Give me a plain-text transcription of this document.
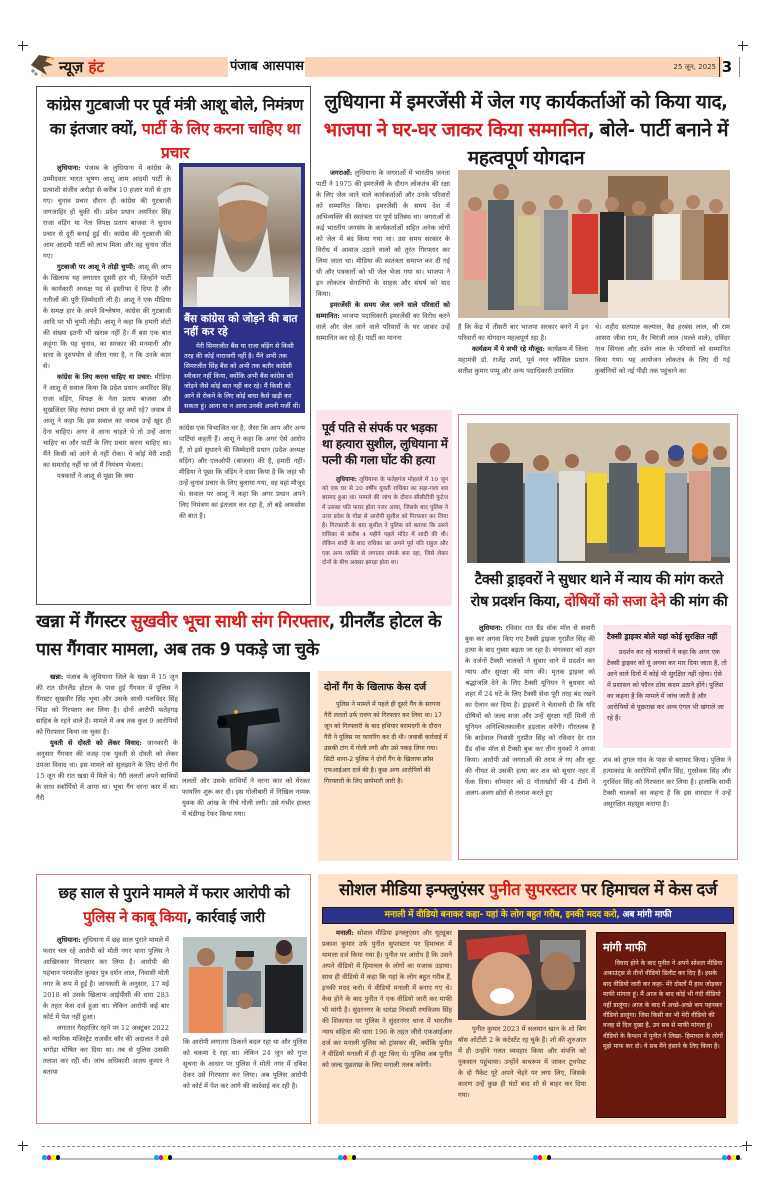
न्यूज़ हंट	पंजाब आसपास	25 जून, 2025 3
कांग्रेस गुटबाजी पर पूर्व मंत्री आशू बोले, निमंत्रण का इंतजार क्यों, पार्टी के लिए करना चाहिए था प्रचार

लुधियाना: पंजाब के लुधियाना में कांग्रेस के उम्मीदवार भारत भूषण आशू आम आदमी पार्टी के प्रत्याशी संजीव अरोड़ा से करीब 10 हजार मतों से हार गए। चुनाव प्रचार दौरान ही कांग्रेस की गुटबाजी जगजाहिर हो चुकी थी। प्रदेश प्रधान अमरिंदर सिंह राजा वड़िंग या नेता विपक्ष प्रताप बाजवा ने चुनाव प्रचार से दूरी बनाई हुई थी। कांग्रेस की गुटबाजी की आम आदमी पार्टी को लाभ मिला और वह चुनाव जीत गए।

गुटबाजी पर आशू ने तोड़ी चुप्पी: आशू की आप के खिलाफ यह लगातार दूसरी हार थी, जिन्होंने पार्टी के कार्यकारी अध्यक्ष पद से इस्तीफा दे दिया है और नतीजों की पूरी जिम्मेदारी ली है। आशू ने एक मीडिया के समक्ष हार के अपने विश्लेषण, कांग्रेस की गुटबाजी आदि पर भी चुप्पी तोड़ी। आशू ने कहा कि हमारी वोटों की संख्या इतनी भी खराब नहीं है। मैं बस एक बात कहूंगा कि यह चुनाव, का सरकार की मनमानी और सत्ता के दुरुपयोग से जीता गया है, न कि उनके काम से।

कांग्रेस के लिए करना चाहिए था प्रचार: मीडिया ने आशू से सवाल किया कि प्रदेश प्रधान अमरिंदर सिंह राजा वड़िंग, विपक्ष के नेता प्रताप बाजवा और सुखजिंदर सिंह रंधावा प्रचार से दूर क्यों रहे? जवाब में आशू ने कहा कि इस सवाल का जवाब उन्हें खुद ही देना चाहिए। अगर वे आना चाहते थे तो उन्हें आना चाहिए था और पार्टी के लिए प्रचार करना चाहिए था। मैंने किसी को आने से नहीं रोका। ये कोई मेरी शादी का समारोह नहीं था जो मैं निमंत्रण भेजता।

पत्रकारों ने आशू से पूछा कि क्या

बैंस कांग्रेस को जोड़ने की बात नहीं कर रहे
मेरी सिमरजीत बैंस या राजा वड़िंग से किसी तरह की कोई नाराजगी नहीं है। मैंने अभी तक सिमरजीत सिंह बैंस को अभी तक बतौर कांग्रेसी स्वीकार नहीं किया, क्योंकि अभी बैंस कांग्रेस को जोड़ने जैसे कोई बात नहीं कर रहे। मैं किसी को आने से रोकने के लिए कोई बाधा कैसे खड़ी कर सकता हूं। आना या न आना उनकी अपनी मर्जी थी।

कांग्रेस एक विभाजित घर है, जैसा कि आप और अन्य पार्टियां कहती हैं। आशू ने कहा कि अगर ऐसे आरोप हैं, तो इसे सुधारने की जिम्मेदारी प्रधान (प्रदेश अध्यक्ष वड़िंग) और एलओपी (बाजवा) की है, हमारी नहीं। मीडिया ने पूछा कि वड़िंग ने दावा किया है कि जहां भी उन्हें चुनाव प्रचार के लिए बुलाया गया, वह वहां मौजूद थे। सवाल पर आशू ने कहा कि अगर प्रधान अपने लिए निमंत्रण का इंतजार कर रहा है, तो बड़े अफसोस की बात है।

लुधियाना में इमरजेंसी में जेल गए कार्यकर्ताओं को किया याद, भाजपा ने घर-घर जाकर किया सम्मानित, बोले- पार्टी बनाने में महत्वपूर्ण योगदान

जगराओं: लुधियाना के जगराओं में भारतीय जनता पार्टी ने 1975 की इमरजेंसी के दौरान लोकतंत्र की रक्षा के लिए जेल जाने वाले कार्यकर्ताओं और उनके परिवारों को सम्मानित किया। इमरजेंसी के समय देश में अभिव्यक्ति की स्वतंत्रता पर पूर्ण प्रतिबंध था। जगराओं से कई भारतीय जनसंघ के कार्यकर्ताओं सहित अनेक लोगों को जेल में बंद किया गया था। उस समय सरकार के विरोध में आवाज उठाने वालों को तुरंत गिरफ्तार कर लिया जाता था। मीडिया की स्वतंत्रता समाप्त कर दी गई थी और पत्रकारों को भी जेल भेजा गया था। भाजपा ने इन लोकतंत्र सेनानियों के साहस और संघर्ष को याद किया।

इमरजेंसी के समय जेल जाने वाले परिवारों को सम्मानित: भाजपा पदाधिकारी इमरजेंसी का विरोध करने वाले और जेल जाने वाले परिवारों के घर जाकर उन्हें सम्मानित कर रहे हैं। पार्टी का मानना

है कि केंद्र में तीसरी बार भाजपा सरकार बनने में इन परिवारों का योगदान महत्वपूर्ण रहा है।

कार्यक्रम में ये सभी रहे मौजूद: कार्यक्रम में जिला महामंत्री डॉ. राजेंद्र शर्मा, पूर्व नगर कौंसिल प्रधान सतीश कुमार पप्पू और अन्य पदाधिकारी उपस्थित

थे। शहीद सतपाल कल्याल, वैद्य हरबंस लाल, श्री राम आसरा जीवा राम, वैर चिरंजी लाल (मल्ले वाले), दविंदर नाथ सिंगला और दर्शन लाल के परिवारों को सम्मानित किया गया। यह आयोजन लोकतंत्र के लिए दी गई कुर्बानियों को नई पीढ़ी तक पहुंचाने का

पूर्व पति से संपर्क पर भड़का था हत्यारा सुशील, लुधियाना में पत्नी की गला घोंट की हत्या

लुधियाना: लुधियाना के फतेहगंज मोहल्ले में 10 जून को एक घर से 20 वर्षीय युवती राधिका का सड़ा-गला शव बरामद हुआ था। मामले की जांच के दौरान सीसीटीवी फुटेज में उसका पति फरार होता नजर आया, जिसके बाद पुलिस ने उत्तर प्रदेश के गोंडा से आरोपी सुशील को गिरफ्तार कर लिया है। गिरफ्तारी के बाद सुशील ने पुलिस को बताया कि उसने राधिका से करीब 4 महीने पहले मंदिर में शादी की थी। लेकिन शादी के बाद राधिका का अपने पूर्व पति राहुल और एक अन्य व्यक्ति से लगातार संपर्क बना रहा, जिसे लेकर दोनों के बीच अक्सर झगड़ा होता था।

टैक्सी ड्राइवरों ने सुधार थाने में न्याय की मांग करते रोष प्रदर्शन किया, दोषियों को सजा देने की मांग की

लुधियाना: रविवार रात ग्रैंड वॉक मॉल से सवारी बुक कर अगवा किए गए टैक्सी ड्राइवर गुरप्रीत सिंह की हत्या के बाद गुस्सा बढ़ता जा रहा है। मंगलवार को शहर के दर्जनों टैक्सी चालकों ने सुधार थाने में प्रदर्शन कर न्याय और सुरक्षा की मांग की। मृतक ड्राइवर को श्रद्धांजलि देने के लिए टैक्सी यूनियन ने बुधवार को शहर में 24 घंटे के लिए टैक्सी सेवा पूरी तरह बंद रखने का ऐलान कर दिया है। ड्राइवरों ने चेतावनी दी कि यदि दोषियों को जल्द सजा और उन्हें सुरक्षा नहीं मिली तो यूनियन अनिश्चितकालीन हड़ताल करेगी। गौरतलब है कि बाडेवाल निवासी गुरप्रीत सिंह को रविवार देर रात ग्रैंड वॉक मॉल से टैक्सी बुक कर तीन युवकों ने अगवा किया। आरोपी उसे जगराओं की तरफ ले गए और लूट की नीयत से उसकी हत्या कर शव को सुधार नहर में फेंक दिया। सोमवार को 8 गोताखोरों की 4 टीमों ने अलग-अलग छोरों से तलाश करते हुए

टैक्सी ड्राइवर बोले यहां कोई सुरक्षित नहीं
प्रदर्शन कर रहे चालकों ने कहा कि अगर एक टैक्सी ड्राइवर को यूं अगवा कर मार दिया जाता है, तो आने वाले दिनों में कोई भी सुरक्षित नहीं रहेगा। ऐसे में प्रशासन को फौरन ठोस कदम उठाने होंगे। पुलिस का कहना है कि मामले में जांच जारी है और आरोपियों से पूछताछ कर अन्य एंगल भी खंगाले जा रहे हैं।

शव को तुगल गांव के पास से बरामद किया। पुलिस ने हत्याकांड के आरोपियों हर्षीत सिंह, गुरसेवक सिंह और गुरविंदर सिंह को गिरफ्तार कर लिया है। हालांकि साथी टैक्सी चालकों का कहना है कि इस वारदात ने उन्हें असुरक्षित महसूस कराया है।

खन्ना में गैंगस्टर सुखवीर भूचा साथी संग गिरफ्तार, ग्रीनलैंड होटल के पास गैंगवार मामला, अब तक 9 पकड़े जा चुके

खन्ना: पंजाब के लुधियाना जिले के खन्ना में 15 जून की रात ग्रीनलैंड होटल के पास हुई गैंगवार में पुलिस ने गैंगस्टर सुखवीर सिंह भूचा और उसके साथी पलविंदर सिंह भिंडा को गिरफ्तार कर लिया है। दोनों आरोपी फतेहगढ़ साहिब के रहने वाले हैं। मामले में अब तक कुल 9 आरोपियों को गिरफ्तार किया जा चुका है।

युवती से दोस्ती को लेकर विवाद: जानकारी के अनुसार गैंगवार की वजह एक युवती से दोस्ती को लेकर उपजा विवाद था। इस मामले को सुलझाने के लिए दोनों गैंग 15 जून की रात खन्ना में मिले थे। गैरी ललतों अपने साथियों के साथ स्कॉर्पियो में आया था। भूचा गैंग वरना कार में था। गैरी

ललतों और उसके साथियों ने वरना कार को घेरकर फायरिंग शुरू कर दी। इस गोलीबारी में निखिल नामक युवक की आंख के नीचे गोली लगी। उसे गंभीर हालत में चंडीगढ़ रेफर किया गया।

दोनों गैंग के खिलाफ केस दर्ज
पुलिस ने मामले में पहले ही दूसरे गैंग के सरगना गैरी ललतों उर्फ रावण को गिरफ्तार कर लिया था। 17 जून को गिरफ्तारी के बाद हथियार बरामदगी के दौरान गैरी ने पुलिस पर फायरिंग कर दी थी। जवाबी कार्रवाई में उसकी टांग में गोली लगी और उसे पकड़ लिया गया। सिटी थाना-2 पुलिस ने दोनों गैंग के खिलाफ क्रॉस एफआईआर दर्ज की है। कुछ अन्य आरोपियों की गिरफ्तारी के लिए छापेमारी जारी है।
छह साल से पुराने मामले में फरार आरोपी को पुलिस ने काबू किया, कार्रवाई जारी

लुधियाना: लुधियाना में छह साल पुराने मामले में फरार चल रहे आरोपी को मोती नगर थाना पुलिस ने आखिरकार गिरफ्तार कर लिया है। आरोपी की पहचान परमजीत कुमार पुत्र दर्शन लाल, निवासी मोती नगर के रूप में हुई है। जानकारी के अनुसार, 17 मई 2018 को उसके खिलाफ आईपीसी की धारा 283 के तहत केस दर्ज हुआ था। लेकिन आरोपी कई बार कोर्ट में पेश नहीं हुआ।

लगातार गैरहाजिर रहने पर 12 अक्टूबर 2022 को न्यायिक मजिस्ट्रेट राजवीर कौर की अदालत ने उसे भगोड़ा घोषित कर दिया था। तब से पुलिस उसकी तलाश कर रही थी। जांच अधिकारी अजय कुमार ने बताया

कि आरोपी लगातार ठिकाने बदल रहा था और पुलिस को चकमा दे रहा था। लेकिन 24 जून को गुप्त सूचना के आधार पर पुलिस ने मोती नगर में दबिश देकर उसे गिरफ्तार कर लिया। अब पुलिस आरोपी को कोर्ट में पेश कर आगे की कार्रवाई कर रही है।

सोशल मीडिया इन्फ्लुएंसर पुनीत सुपरस्टार पर हिमाचल में केस दर्ज
मनाली में वीडियो बनाकर कहा- यहां के लोग बहुत गरीब, इनकी मदद करो, अब मांगी माफी

मनाली: सोशल मीडिया इन्फ्लुएंसर और यूट्यूबर प्रकाश कुमार उर्फ पुनीत सुपरस्टार पर हिमाचल में मामला दर्ज किया गया है। पुनीत पर आरोप है कि उसने अपने वीडियो में हिमाचल के लोगों का मजाक उड़ाया। साथ ही वीडियो में कहा कि यहां के लोग बहुत गरीब हैं, इनकी मदद करो। ये वीडियो मनाली में बनाए गए थे। केस होने के बाद पुनीत ने एक वीडियो जारी कर माफी भी मांगी है। सुंदरनगर के धारंडा निवासी रणविजय सिंह की शिकायत पर पुलिस ने सुंदरनगर थाना में भारतीय न्याय संहिता की धारा 196 के तहत जीरो एफआईआर दर्ज कर मनाली पुलिस को ट्रांसफर की, क्योंकि पुनीत ने वीडियो मनाली में ही शूट किए थे। पुलिस अब पुनीत को जल्द पूछताछ के लिए मनाली तलब करेगी।

पुनीत कुमार 2023 में सलमान खान के शो बिग बॉस ओटीटी 2 के कंटेस्टेंट रह चुके हैं। शो की शुरुआत में ही उन्होंने गलत व्यवहार किया और संपत्ति को नुकसान पहुंचाया। उन्होंने बाथरूम में जाकर टूथपेस्ट के दो पैकेट पूरे अपने चेहरे पर लगा लिए, जिसके कारण उन्हें कुछ ही घंटों बाद शो से बाहर कर दिया गया।

मांगी माफी
विवाद होने के बाद पुनीत ने अपने सोशल मीडिया अकाउंट्स से तीनों वीडियो डिलीट कर दिए हैं। इसके बाद वीडियो जारी कर कहा- मेरे दोस्तों मैं हाथ जोड़कर माफी मांगता हूं। मैं आज के बाद कोई भी गंदी वीडियो नहीं डालूंगा। आज के बाद मैं अच्छे-अच्छे कप पहनकर वीडियो डालूंगा। जिस किसी का भी मेरी वीडियो की वजह से दिल दुखा है, उन सब से माफी मांगता हूं। वीडियो के कैप्शन में पुनीत ने लिखा- हिमाचल के लोगों मुझे माफ कर दो। ये सब मैंने हंसाने के लिए किया है।
